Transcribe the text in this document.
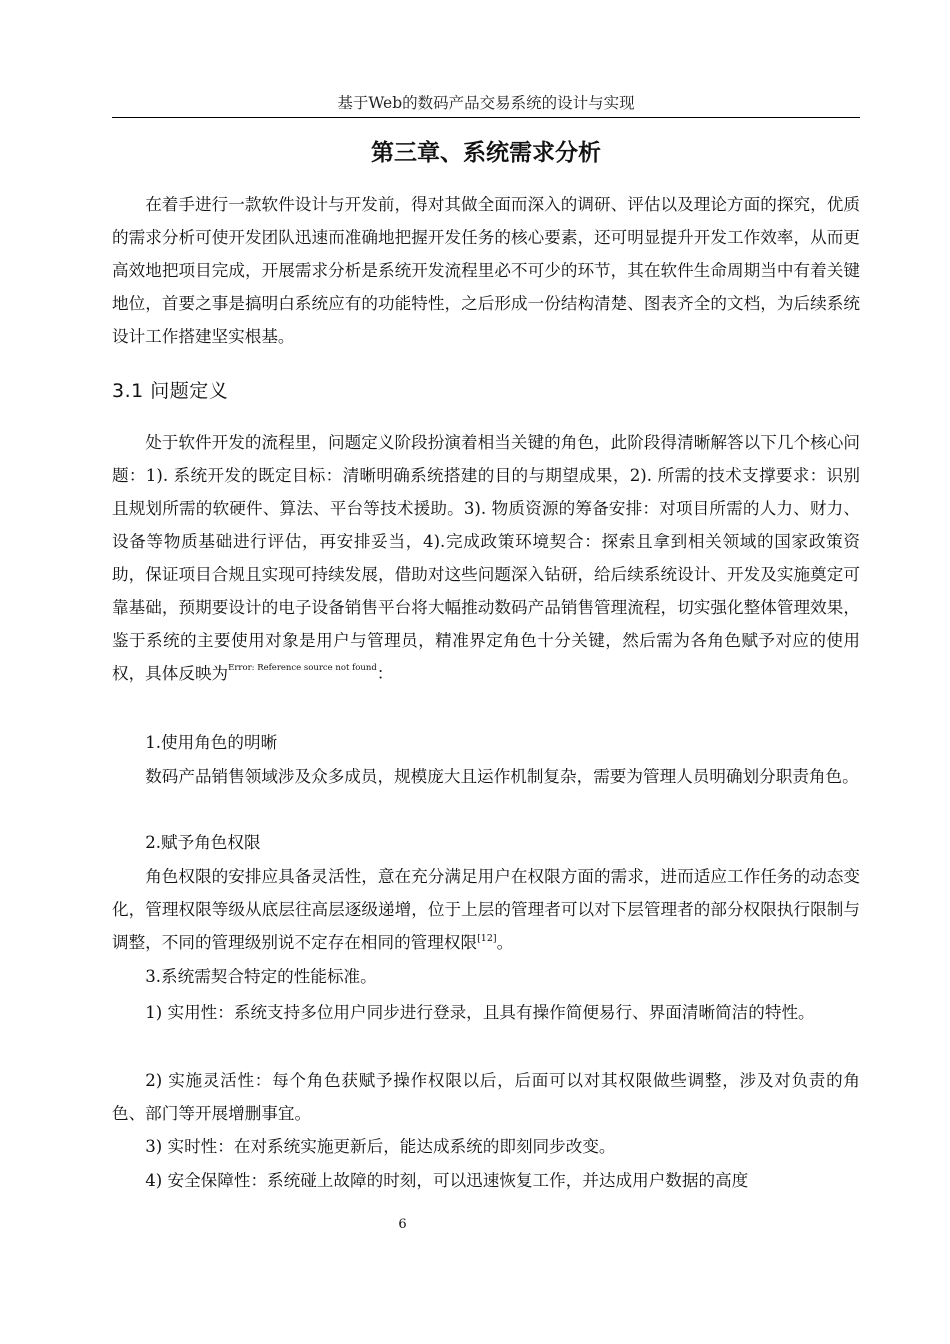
基于Web的数码产品交易系统的设计与实现
第三章、系统需求分析

在着手进行一款软件设计与开发前，得对其做全面而深入的调研、评估以及理论方面的探究，优质的需求分析可使开发团队迅速而准确地把握开发任务的核心要素，还可明显提升开发工作效率，从而更高效地把项目完成，开展需求分析是系统开发流程里必不可少的环节，其在软件生命周期当中有着关键地位，首要之事是搞明白系统应有的功能特性，之后形成一份结构清楚、图表齐全的文档，为后续系统设计工作搭建坚实根基。

3.1 问题定义

处于软件开发的流程里，问题定义阶段扮演着相当关键的角色，此阶段得清晰解答以下几个核心问题：1). 系统开发的既定目标：清晰明确系统搭建的目的与期望成果，2). 所需的技术支撑要求：识别且规划所需的软硬件、算法、平台等技术援助。3). 物质资源的筹备安排：对项目所需的人力、财力、设备等物质基础进行评估，再安排妥当，4).完成政策环境契合：探索且拿到相关领域的国家政策资助，保证项目合规且实现可持续发展，借助对这些问题深入钻研，给后续系统设计、开发及实施奠定可靠基础，预期要设计的电子设备销售平台将大幅推动数码产品销售管理流程，切实强化整体管理效果，鉴于系统的主要使用对象是用户与管理员，精准界定角色十分关键，然后需为各角色赋予对应的使用权，具体反映为$^{Error: Reference source not found}$：

1.使用角色的明晰

数码产品销售领域涉及众多成员，规模庞大且运作机制复杂，需要为管理人员明确划分职责角色。

2.赋予角色权限

角色权限的安排应具备灵活性，意在充分满足用户在权限方面的需求，进而适应工作任务的动态变化，管理权限等级从底层往高层逐级递增，位于上层的管理者可以对下层管理者的部分权限执行限制与调整，不同的管理级别说不定存在相同的管理权限[12]。

3.系统需契合特定的性能标准。

1) 实用性：系统支持多位用户同步进行登录，且具有操作简便易行、界面清晰简洁的特性。

2) 实施灵活性：每个角色获赋予操作权限以后，后面可以对其权限做些调整，涉及对负责的角色、部门等开展增删事宜。

3) 实时性：在对系统实施更新后，能达成系统的即刻同步改变。

4) 安全保障性：系统碰上故障的时刻，可以迅速恢复工作，并达成用户数据的高度

6
